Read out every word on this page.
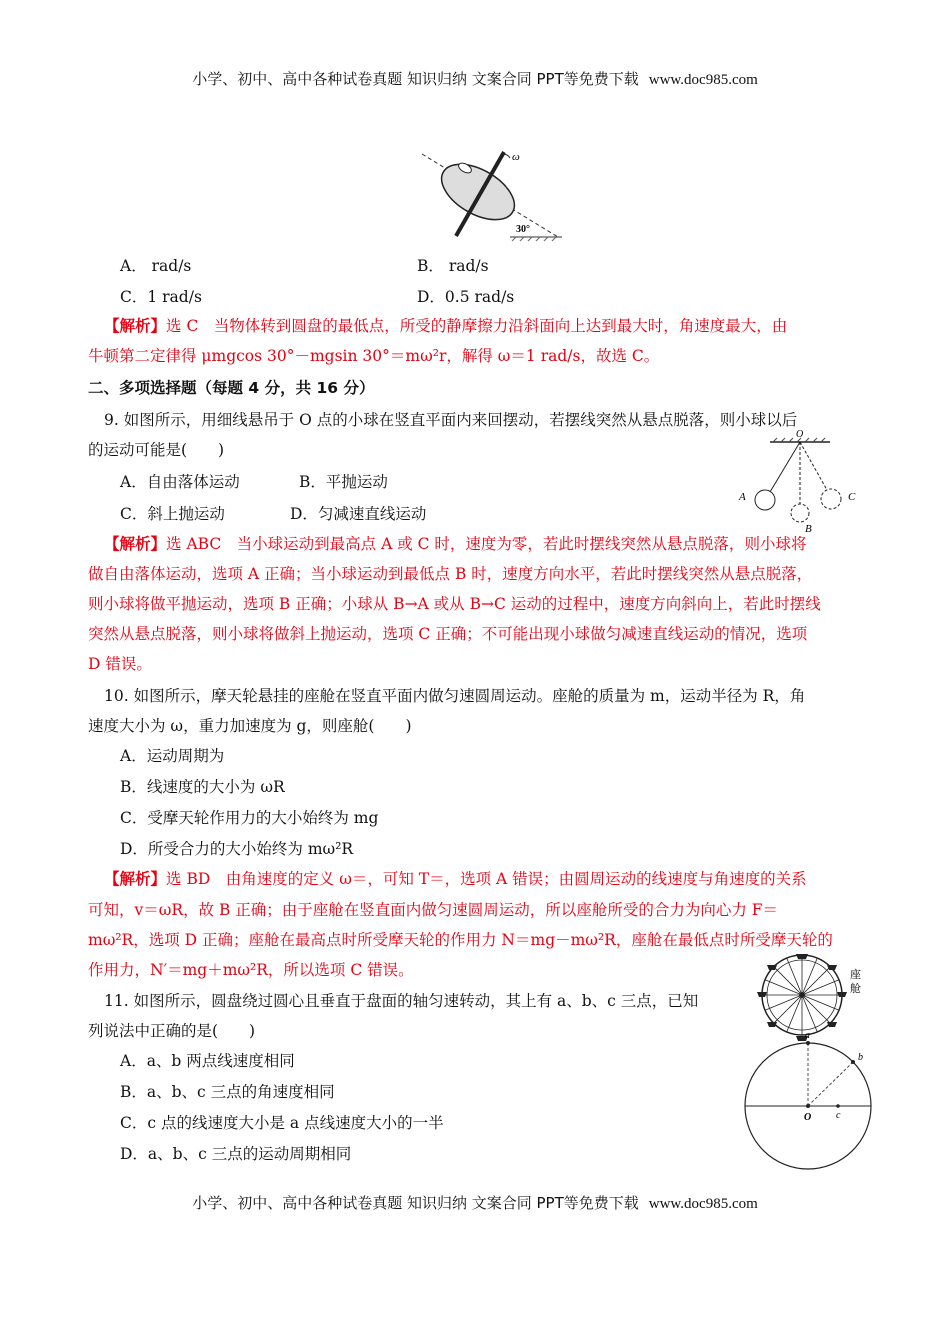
小学、初中、高中各种试卷真题 知识归纳 文案合同 PPT等免费下载 www.doc985.com
ω
30°
A． rad/s	B． rad/s
C．1 rad/s	D．0.5 rad/s
【解析】选 C　当物体转到圆盘的最低点，所受的静摩擦力沿斜面向上达到最大时，角速度最大，由
牛顿第二定律得 μmgcos 30°－mgsin 30°＝mω²r，解得 ω＝1 rad/s，故选 C。
二、多项选择题（每题 4 分，共 16 分）
9. 如图所示，用细线悬吊于 O 点的小球在竖直平面内来回摆动，若摆线突然从悬点脱落，则小球以后
的运动可能是(　　)
A．自由落体运动	B．平抛运动
C．斜上抛运动	D．匀减速直线运动
O
A
B
C
【解析】选 ABC　当小球运动到最高点 A 或 C 时，速度为零，若此时摆线突然从悬点脱落，则小球将
做自由落体运动，选项 A 正确；当小球运动到最低点 B 时，速度方向水平，若此时摆线突然从悬点脱落，
则小球将做平抛运动，选项 B 正确；小球从 B→A 或从 B→C 运动的过程中，速度方向斜向上，若此时摆线
突然从悬点脱落，则小球将做斜上抛运动，选项 C 正确；不可能出现小球做匀减速直线运动的情况，选项
D 错误。
10. 如图所示，摩天轮悬挂的座舱在竖直平面内做匀速圆周运动。座舱的质量为 m，运动半径为 R，角
速度大小为 ω，重力加速度为 g，则座舱(　　)
A．运动周期为
B．线速度的大小为 ωR
C．受摩天轮作用力的大小始终为 mg
D．所受合力的大小始终为 mω²R
【解析】选 BD　由角速度的定义 ω＝，可知 T＝，选项 A 错误；由圆周运动的线速度与角速度的关系
可知，v＝ωR，故 B 正确；由于座舱在竖直面内做匀速圆周运动，所以座舱所受的合力为向心力 F＝
mω²R，选项 D 正确；座舱在最高点时所受摩天轮的作用力 N＝mg－mω²R，座舱在最低点时所受摩天轮的
作用力，N′＝mg＋mω²R，所以选项 C 错误。	座
舱
11. 如图所示，圆盘绕过圆心且垂直于盘面的轴匀速转动，其上有 a、b、c 三点，已知
列说法中正确的是(　　)
A．a、b 两点线速度相同
B．a、b、c 三点的角速度相同
C．c 点的线速度大小是 a 点线速度大小的一半
D．a、b、c 三点的运动周期相同
a
b
c
O
小学、初中、高中各种试卷真题 知识归纳 文案合同 PPT等免费下载 www.doc985.com
